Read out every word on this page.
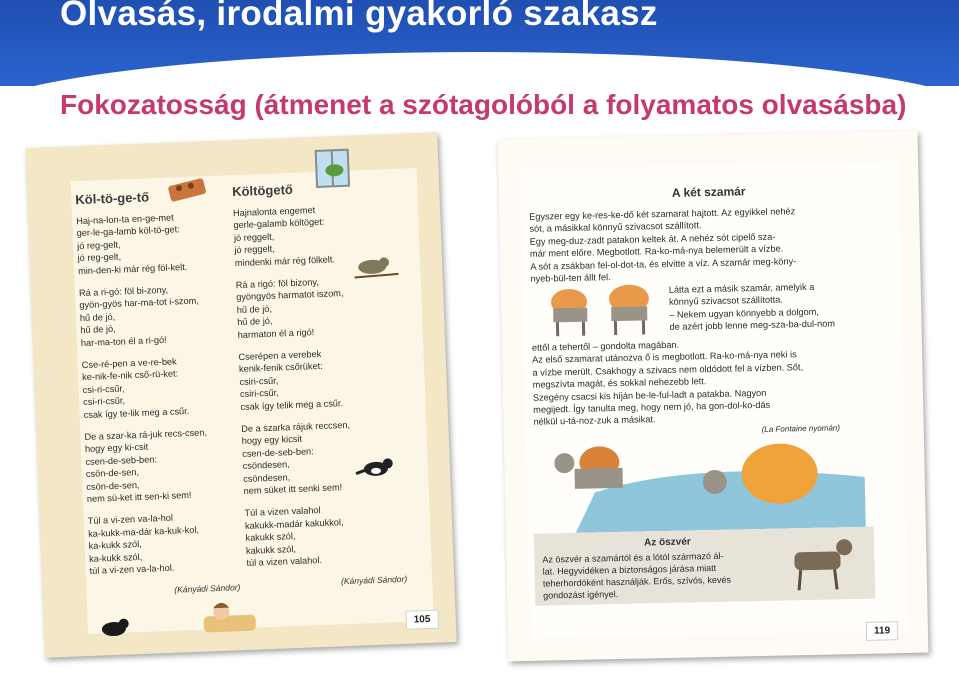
Olvasás, irodalmi gyakorló szakasz
Fokozatosság (átmenet a szótagolóból a folyamatos olvasásba)

Köl-tö-ge-tő

Haj-na-lon-ta en-ge-met
ger-le-ga-lamb köl-tö-get:
jó reg-gelt,
jó reg-gelt,
min-den-ki már rég föl-kelt.

Rá a ri-gó: föl bi-zony,
gyön-gyös har-ma-tot i-szom,
hű de jó,
hű de jó,
har-ma-ton él a ri-gó!

Cse-ré-pen a ve-re-bek
ke-nik-fe-nik cső-rü-ket:
csi-ri-csűr,
csi-ri-csűr,
csak így te-lik meg a csűr.

De a szar-ka rá-juk recs-csen,
hogy egy ki-csit
csen-de-seb-ben:
csön-de-sen,
csön-de-sen,
nem sü-ket itt sen-ki sem!

Túl a vi-zen va-la-hol
ka-kukk-ma-dár ka-kuk-kol,
ka-kukk szól,
ka-kukk szól,
túl a vi-zen va-la-hol.

(Kányádi Sándor)

Költögető

Hajnalonta engemet
gerle-galamb költöget:
jó reggelt,
jó reggelt,
mindenki már rég fölkelt.

Rá a rigó: föl bizony,
gyöngyös harmatot iszom,
hű de jó,
hű de jó,
harmaton él a rigó!

Cserépen a verebek
kenik-fenik csőrüket:
csiri-csűr,
csiri-csűr,
csak így telik meg a csűr.

De a szarka rájuk reccsen,
hogy egy kicsit
csen-de-seb-ben:
csöndesen,
csöndesen,
nem süket itt senki sem!

Túl a vizen valahol
kakukk-madár kakukkol,
kakukk szól,
kakukk szól,
túl a vizen valahol.

(Kányádi Sándor)
105
A két szamár
Egyszer egy ke-res-ke-dő két szamarat hajtott. Az egyikkel nehéz
sót, a másikkal könnyű szivacsot szállított.
Egy meg-duz-zadt patakon keltek át. A nehéz sót cipelő sza-
már ment előre. Megbotlott. Ra-ko-má-nya belemerült a vízbe.
A sót a zsákban fel-ol-dot-ta, és elvitte a víz. A szamár meg-köny-
nyeb-bül-ten állt fel.
Látta ezt a másik szamár, amelyik a
könnyű szivacsot szállította.
– Nekem ugyan könnyebb a dolgom,
de azért jobb lenne meg-sza-ba-dul-nom
ettől a tehertől – gondolta magában.
Az első szamarat utánozva ő is megbotlott. Ra-ko-má-nya neki is
a vízbe merült. Csakhogy a szivacs nem oldódott fel a vízben. Sőt,
megszívta magát, és sokkal nehezebb lett.
Szegény csacsi kis híján be-le-ful-ladt a patakba. Nagyon
megijedt. Így tanulta meg, hogy nem jó, ha gon-dol-ko-dás
nélkül u-tá-noz-zuk a másikat.
(La Fontaine nyomán)
Az öszvér
Az öszvér a szamártól és a lótól származó ál-
lat. Hegyvidéken a biztonságos járása miatt
teherhordóként használják. Erős, szívós, kevés
gondozást igényel.
119
